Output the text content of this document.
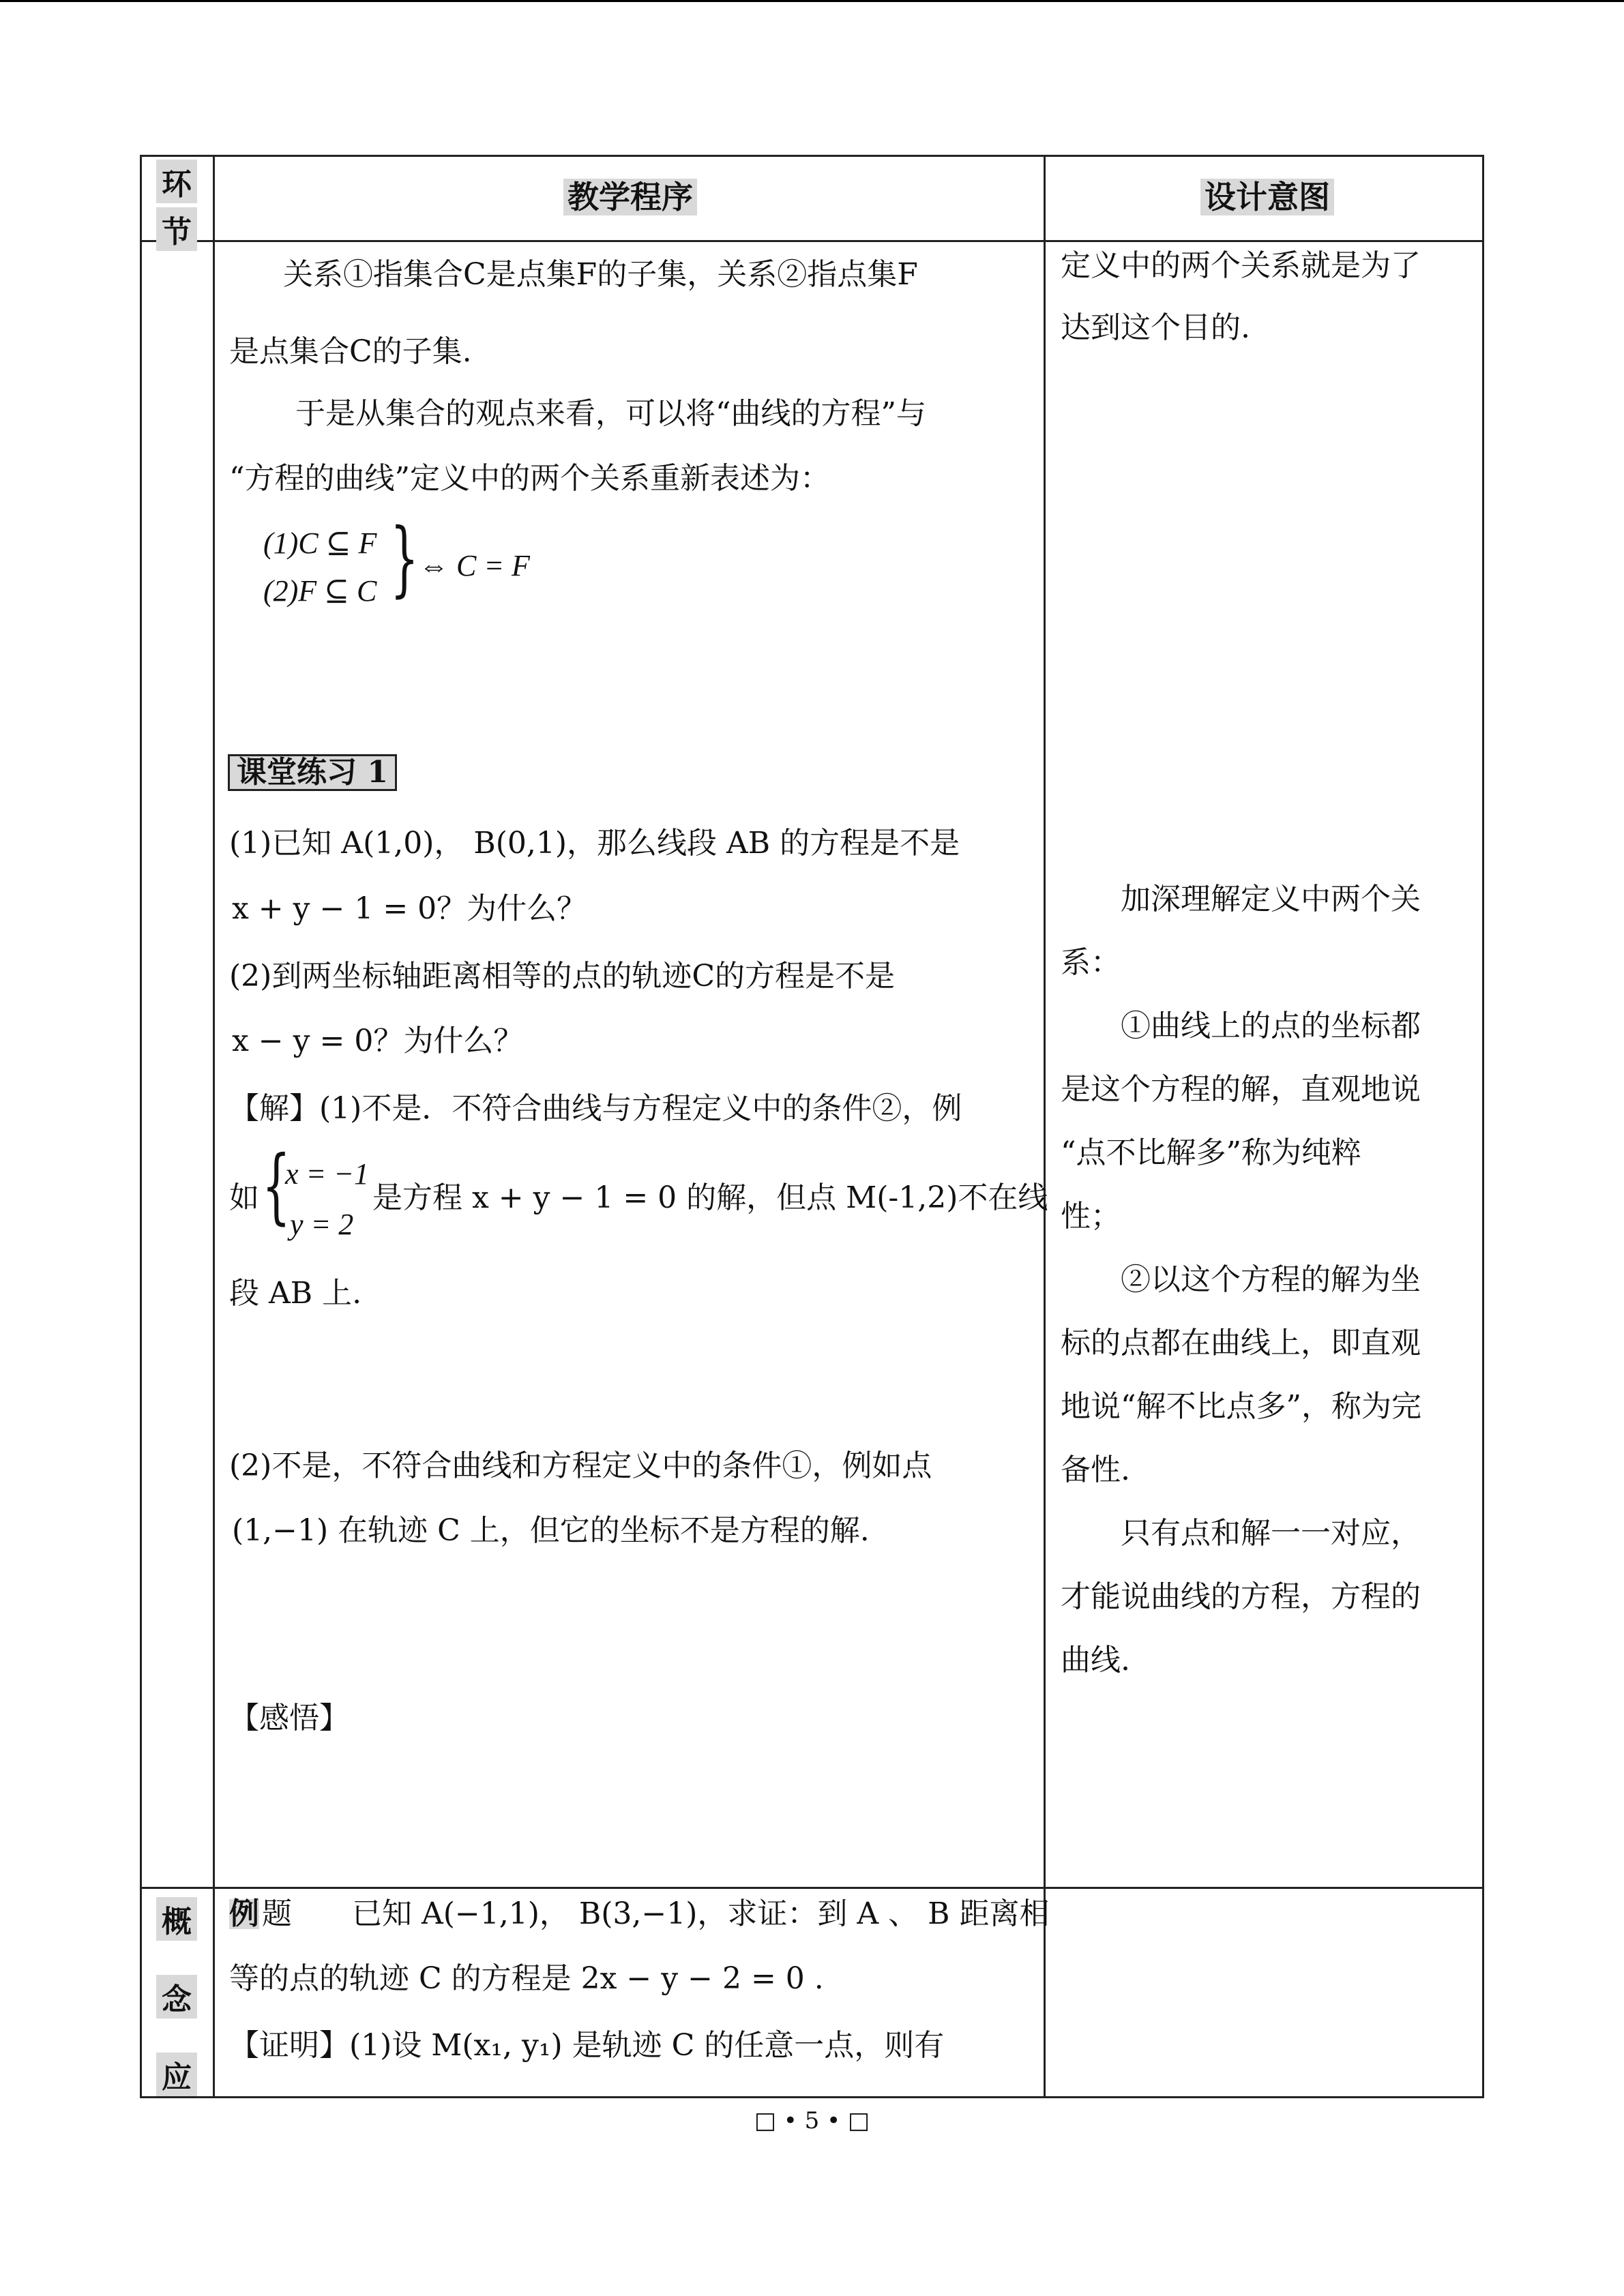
环
节
教学程序	设计意图
关系①指集合C是点集F的子集，关系②指点集F
是点集合C的子集.
于是从集合的观点来看，可以将“曲线的方程”与
“方程的曲线”定义中的两个关系重新表述为：
(1)C ⊆ F
(2)F ⊆ C } ⇔ C = F
课堂练习 1
(1)已知 A(1,0)， B(0,1)，那么线段 AB 的方程是不是
x + y − 1 = 0？为什么？
(2)到两坐标轴距离相等的点的轨迹C的方程是不是
x − y = 0？为什么？
【解】(1)不是．不符合曲线与方程定义中的条件②，例
如 {
x = −1
y = 2
是方程 x + y − 1 = 0 的解，但点 M(-1,2)不在线
段 AB 上.
(2)不是，不符合曲线和方程定义中的条件①，例如点
(1,−1) 在轨迹 C 上，但它的坐标不是方程的解.
【感悟】
定义中的两个关系就是为了
达到这个目的.
　　加深理解定义中两个关
系：
　　①曲线上的点的坐标都
是这个方程的解，直观地说
“点不比解多”称为纯粹
性；
　　②以这个方程的解为坐
标的点都在曲线上，即直观
地说“解不比点多”，称为完
备性.
　　只有点和解一一对应，
才能说曲线的方程，方程的
曲线.
概
念
应
例 题　　已知 A(−1,1)， B(3,−1)，求证：到 A 、 B 距离相
等的点的轨迹 C 的方程是 2x − y − 2 = 0 .
【证明】(1)设 M(x₁, y₁) 是轨迹 C 的任意一点，则有
□ • 5 • □
